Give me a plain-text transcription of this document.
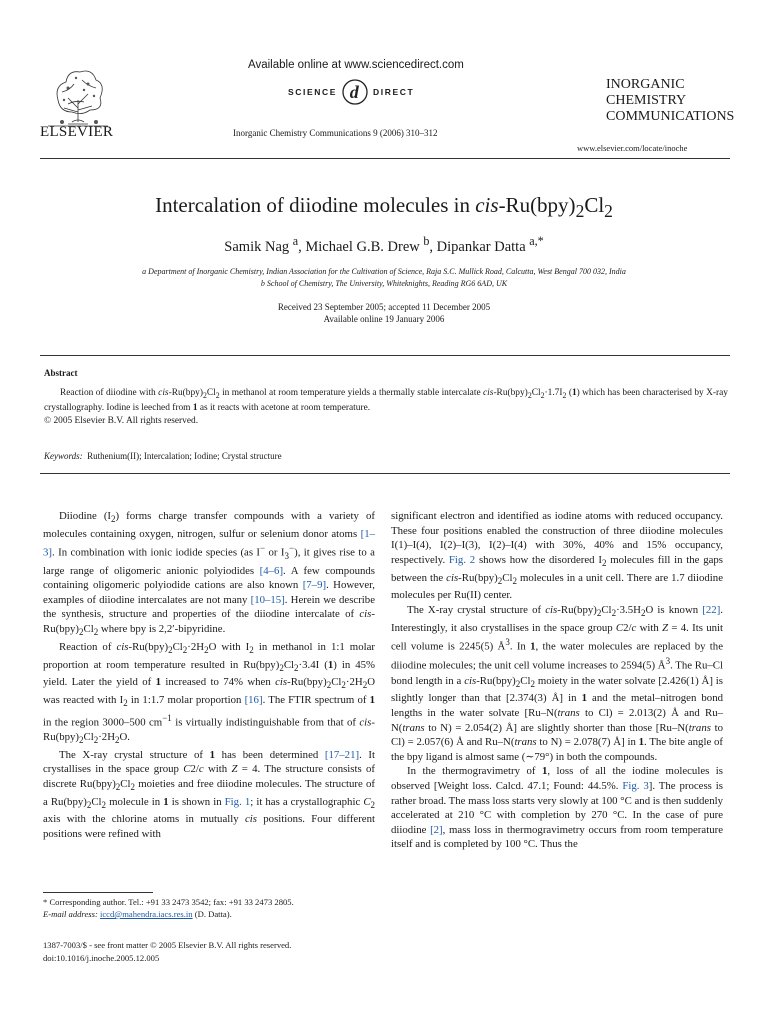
ELSEVIER
Available online at www.sciencedirect.com
SCIENCE d DIRECT
Inorganic Chemistry Communications 9 (2006) 310–312
INORGANIC
CHEMISTRY
COMMUNICATIONS
www.elsevier.com/locate/inoche
Intercalation of diiodine molecules in cis-$Ru(bpy)_2Cl_2$
Samik Nag $^a$, Michael G.B. Drew $^b$, Dipankar Datta $^{a,*}$
a Department of Inorganic Chemistry, Indian Association for the Cultivation of Science, Raja S.C. Mullick Road, Calcutta, West Bengal 700 032, India
b School of Chemistry, The University, Whiteknights, Reading RG6 6AD, UK
Received 23 September 2005; accepted 11 December 2005
Available online 19 January 2006
Abstract
Reaction of diiodine with cis-$Ru(bpy)_2Cl_2$ in methanol at room temperature yields a thermally stable intercalate cis-$Ru(bpy)_2Cl_2\cdot 1.7I_2$ (1) which has been characterised by X-ray crystallography. Iodine is leeched from 1 as it reacts with acetone at room temperature.
© 2005 Elsevier B.V. All rights reserved.
Keywords: Ruthenium(II); Intercalation; Iodine; Crystal structure

Diiodine $(I_2)$ forms charge transfer compounds with a variety of molecules containing oxygen, nitrogen, sulfur or selenium donor atoms [1–3]. In combination with ionic iodide species (as I− or $I_3^-$), it gives rise to a large range of oligomeric anionic polyiodides [4–6]. A few compounds containing oligomeric polyiodide cations are also known [7–9]. However, examples of diiodine intercalates are not many [10–15]. Herein we describe the synthesis, structure and properties of the diiodine intercalate of cis-$Ru(bpy)_2Cl_2$ where bpy is 2,2′-bipyridine.

Reaction of cis-$Ru(bpy)_2Cl_2\cdot 2H_2O$ with $I_2$ in methanol in 1:1 molar proportion at room temperature resulted in $Ru(bpy)_2Cl_2\cdot 3.4I$ (1) in 45% yield. Later the yield of 1 increased to 74% when cis-$Ru(bpy)_2Cl_2\cdot 2H_2O$ was reacted with $I_2$ in 1:1.7 molar proportion [16]. The FTIR spectrum of 1 in the region 3000–500 $cm^{-1}$ is virtually indistinguishable from that of cis-$Ru(bpy)_2Cl_2\cdot 2H_2O$.

The X-ray crystal structure of 1 has been determined [17–21]. It crystallises in the space group C2/c with Z = 4. The structure consists of discrete $Ru(bpy)_2Cl_2$ moieties and free diiodine molecules. The structure of a $Ru(bpy)_2Cl_2$ molecule in 1 is shown in Fig. 1; it has a crystallographic $C_2$ axis with the chlorine atoms in mutually cis positions. Four different positions were refined with

significant electron and identified as iodine atoms with reduced occupancy. These four positions enabled the construction of three diiodine molecules I(1)–I(4), I(2)–I(3), I(2)–I(4) with 30%, 40% and 15% occupancy, respectively. Fig. 2 shows how the disordered $I_2$ molecules fill in the gaps between the cis-$Ru(bpy)_2Cl_2$ molecules in a unit cell. There are 1.7 diiodine molecules per Ru(II) center.

The X-ray crystal structure of cis-$Ru(bpy)_2Cl_2\cdot 3.5H_2O$ is known [22]. Interestingly, it also crystallises in the space group C2/c with Z = 4. Its unit cell volume is 2245(5) $Å^3$. In 1, the water molecules are replaced by the diiodine molecules; the unit cell volume increases to 2594(5) $Å^3$. The Ru–Cl bond length in a cis-$Ru(bpy)_2Cl_2$ moiety in the water solvate [2.426(1) Å] is slightly longer than that [2.374(3) Å] in 1 and the metal–nitrogen bond lengths in the water solvate [Ru–N(trans to Cl) = 2.013(2) Å and Ru–N(trans to N) = 2.054(2) Å] are slightly shorter than those [Ru–N(trans to Cl) = 2.057(6) Å and Ru–N(trans to N) = 2.078(7) Å] in 1. The bite angle of the bpy ligand is almost same (∼79°) in both the compounds.

In the thermogravimetry of 1, loss of all the iodine molecules is observed [Weight loss. Calcd. 47.1; Found: 44.5%. Fig. 3]. The process is rather broad. The mass loss starts very slowly at 100 °C and is then suddenly accelerated at 210 °C with completion by 270 °C. In the case of pure diiodine [2], mass loss in thermogravimetry occurs from room temperature itself and is completed by 100 °C. Thus the

* Corresponding author. Tel.: +91 33 2473 3542; fax: +91 33 2473 2805.
E-mail address: iccd@mahendra.iacs.res.in (D. Datta).
1387-7003/$ - see front matter © 2005 Elsevier B.V. All rights reserved.
doi:10.1016/j.inoche.2005.12.005
